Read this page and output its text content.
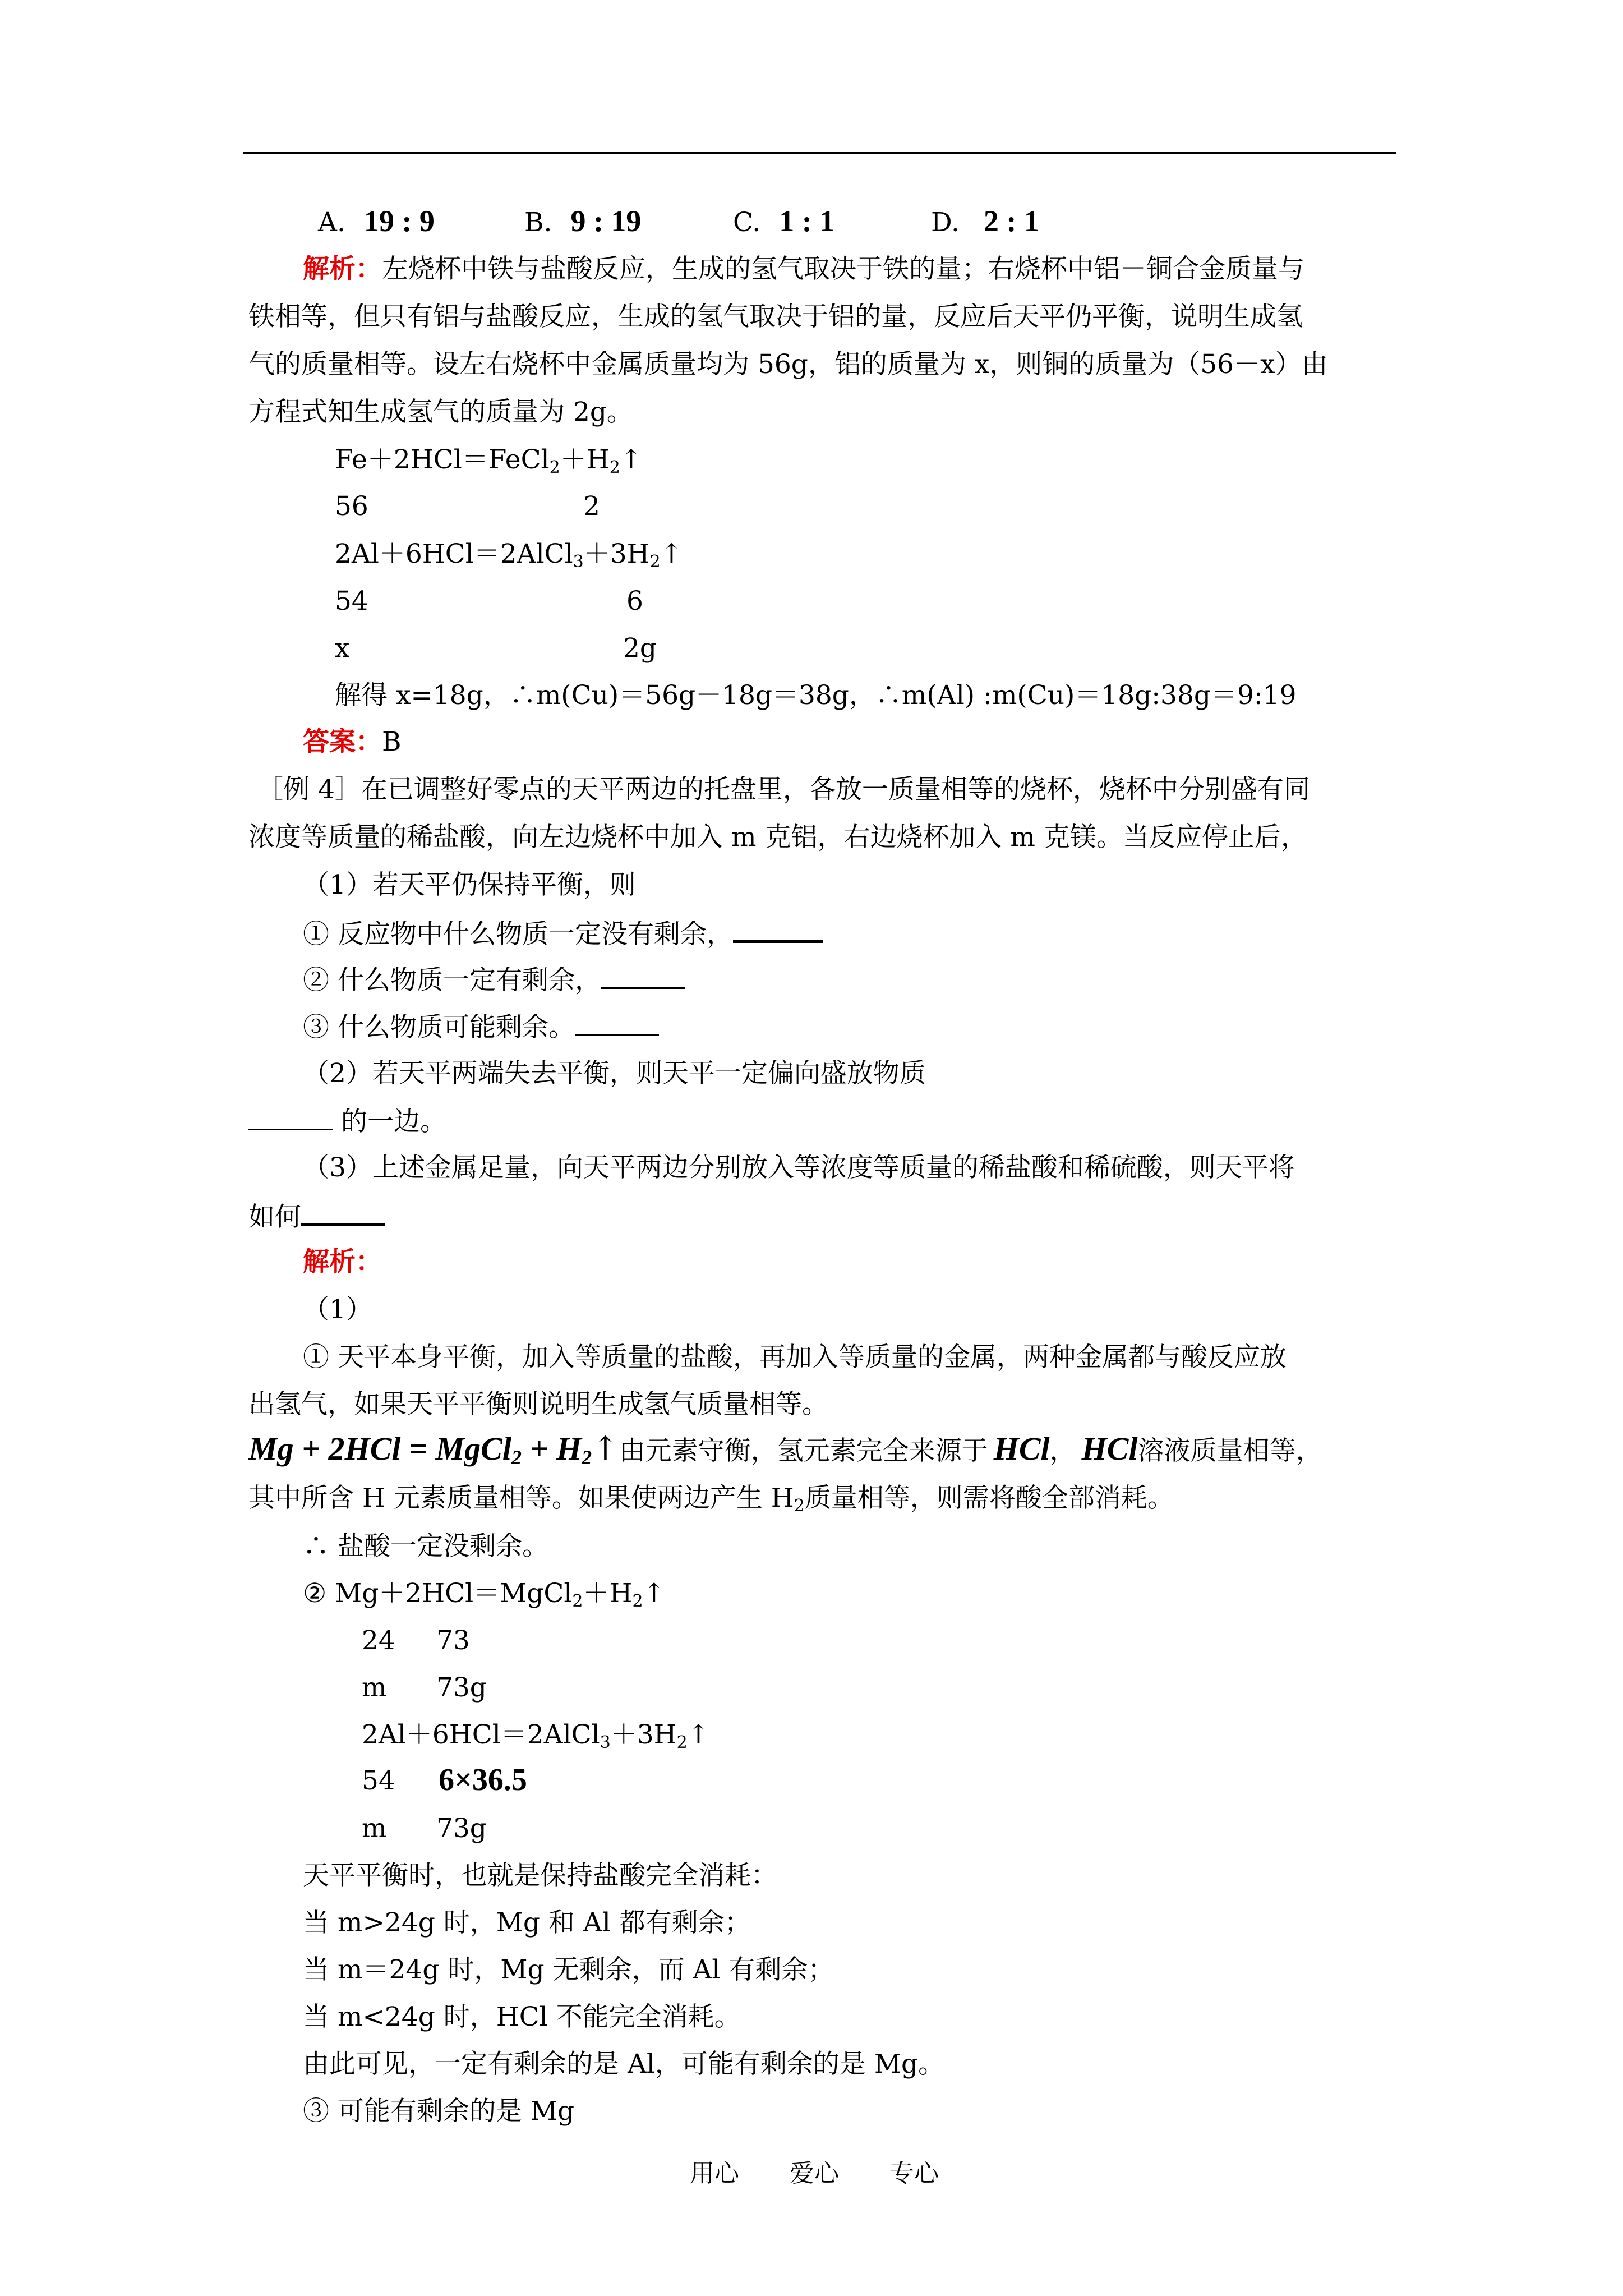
A. 19 : 9	B. 9 : 19	C. 1 : 1	D. 2 : 1
解析：左烧杯中铁与盐酸反应，生成的氢气取决于铁的量；右烧杯中铝－铜合金质量与
铁相等，但只有铝与盐酸反应，生成的氢气取决于铝的量，反应后天平仍平衡，说明生成氢
气的质量相等。设左右烧杯中金属质量均为 56g，铝的质量为 x，则铜的质量为（56－x）由
方程式知生成氢气的质量为 2g。
$Fe+2HCl=FeCl_2+H_2↑$
56	2
$2Al+6HCl=2AlCl_3+3H_2↑$
54	6
x	2g
解得 x=18g，∴m(Cu)＝56g－18g＝38g，∴m(Al) :m(Cu)＝18g:38g＝9:19
答案：B
［例 4］在已调整好零点的天平两边的托盘里，各放一质量相等的烧杯，烧杯中分别盛有同
浓度等质量的稀盐酸，向左边烧杯中加入 m 克铝，右边烧杯加入 m 克镁。当反应停止后，
（1）若天平仍保持平衡，则
① 反应物中什么物质一定没有剩余，
② 什么物质一定有剩余，
③ 什么物质可能剩余。
（2）若天平两端失去平衡，则天平一定偏向盛放物质
的一边。
（3）上述金属足量，向天平两边分别放入等浓度等质量的稀盐酸和稀硫酸，则天平将
如何
解析：
（1）
① 天平本身平衡，加入等质量的盐酸，再加入等质量的金属，两种金属都与酸反应放
出氢气，如果天平平衡则说明生成氢气质量相等。
Mg + 2HCl = MgCl$_2$ + $H_2↑$由元素守衡，氢元素完全来源于 HCl， HCl溶液质量相等，
其中所含 H 元素质量相等。如果使两边产生 $H_2$质量相等，则需将酸全部消耗。
∴ 盐酸一定没剩余。
② $Mg+2HCl=MgCl_2+H_2↑$
24 73
m 73g
$2Al+6HCl=2AlCl_3+3H_2↑$
54 6×36.5
m 73g
天平平衡时，也就是保持盐酸完全消耗：
当 m>24g 时，Mg 和 Al 都有剩余；
当 m＝24g 时，Mg 无剩余，而 Al 有剩余；
当 m<24g 时，HCl 不能完全消耗。
由此可见，一定有剩余的是 Al，可能有剩余的是 Mg。
③ 可能有剩余的是 Mg
用心 爱心 专心
